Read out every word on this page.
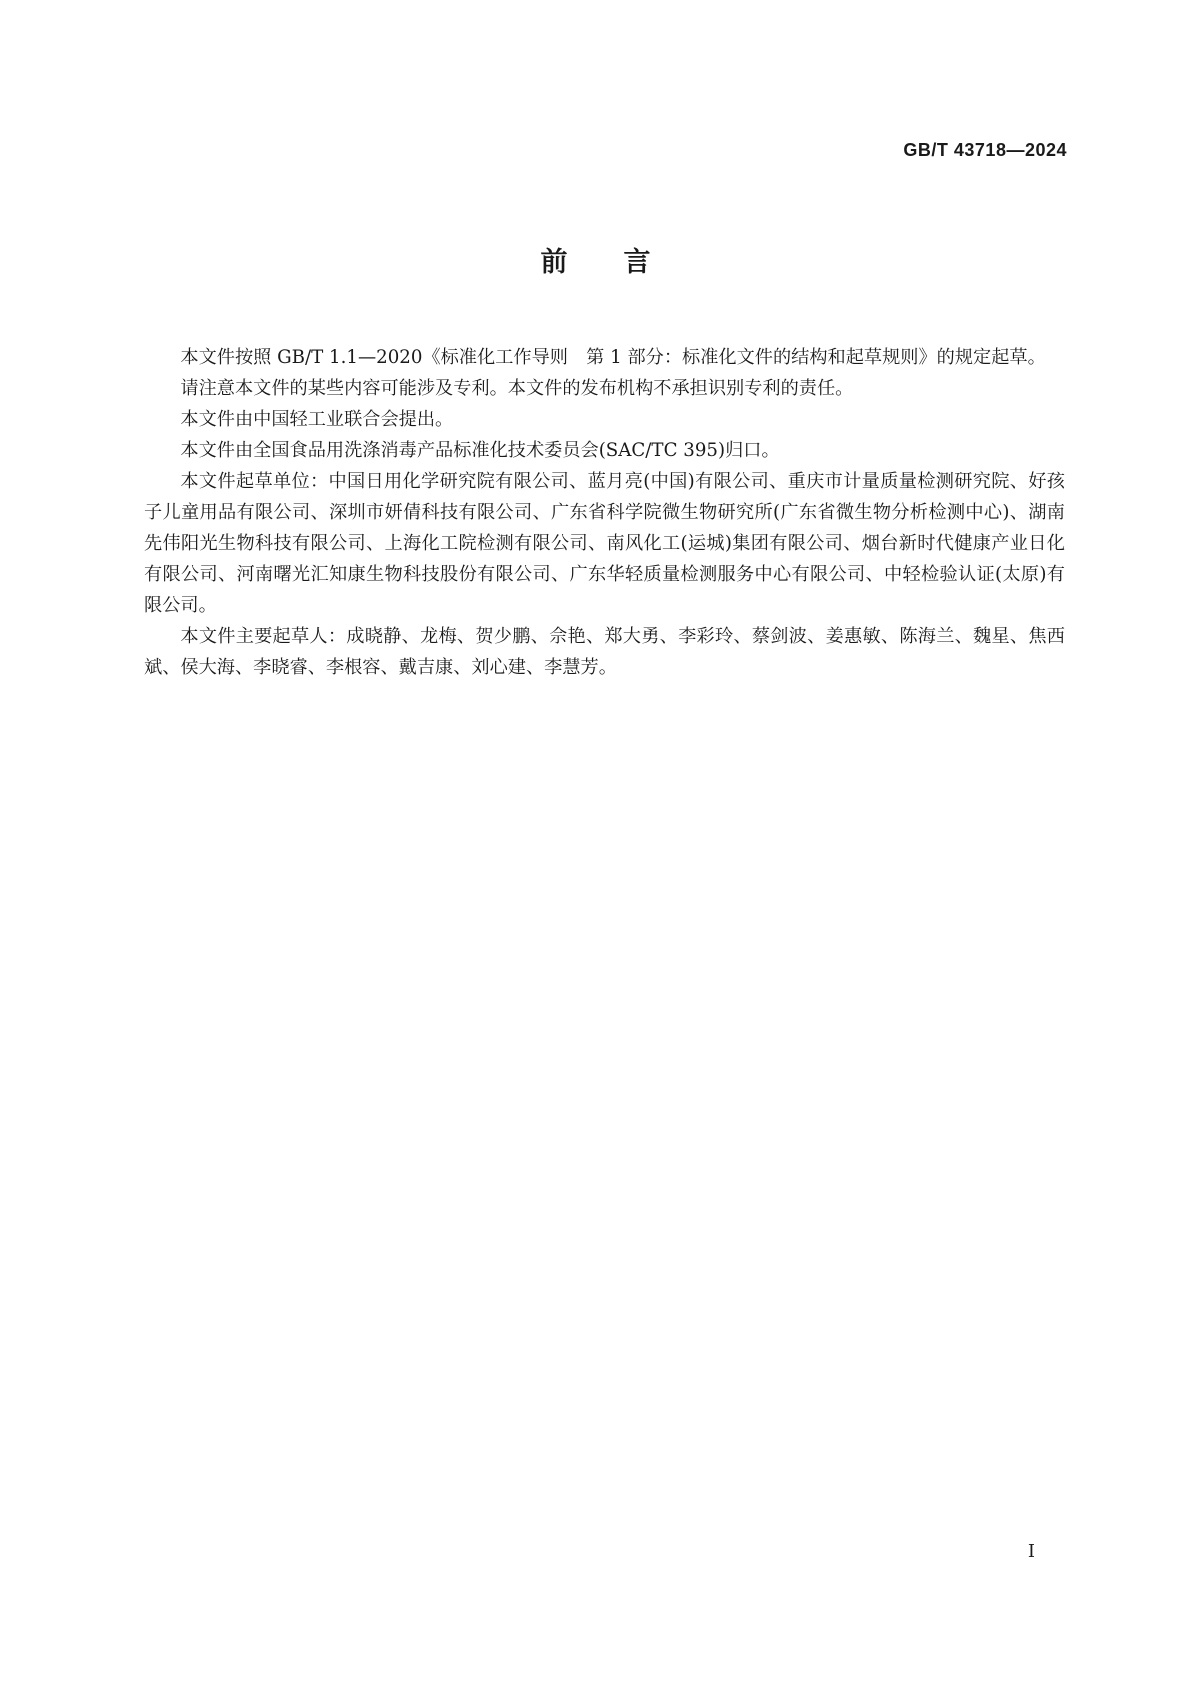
GB/T 43718—2024
前言

本文件按照 GB/T 1.1—2020《标准化工作导则　第 1 部分：标准化文件的结构和起草规则》的规定起草。

请注意本文件的某些内容可能涉及专利。本文件的发布机构不承担识别专利的责任。

本文件由中国轻工业联合会提出。

本文件由全国食品用洗涤消毒产品标准化技术委员会(SAC/TC 395)归口。

本文件起草单位：中国日用化学研究院有限公司、蓝月亮(中国)有限公司、重庆市计量质量检测研究院、好孩子儿童用品有限公司、深圳市妍倩科技有限公司、广东省科学院微生物研究所(广东省微生物分析检测中心)、湖南先伟阳光生物科技有限公司、上海化工院检测有限公司、南风化工(运城)集团有限公司、烟台新时代健康产业日化有限公司、河南曙光汇知康生物科技股份有限公司、广东华轻质量检测服务中心有限公司、中轻检验认证(太原)有限公司。

本文件主要起草人：成晓静、龙梅、贺少鹏、佘艳、郑大勇、李彩玲、蔡剑波、姜惠敏、陈海兰、魏星、焦西斌、侯大海、李晓睿、李根容、戴吉康、刘心建、李慧芳。

I
